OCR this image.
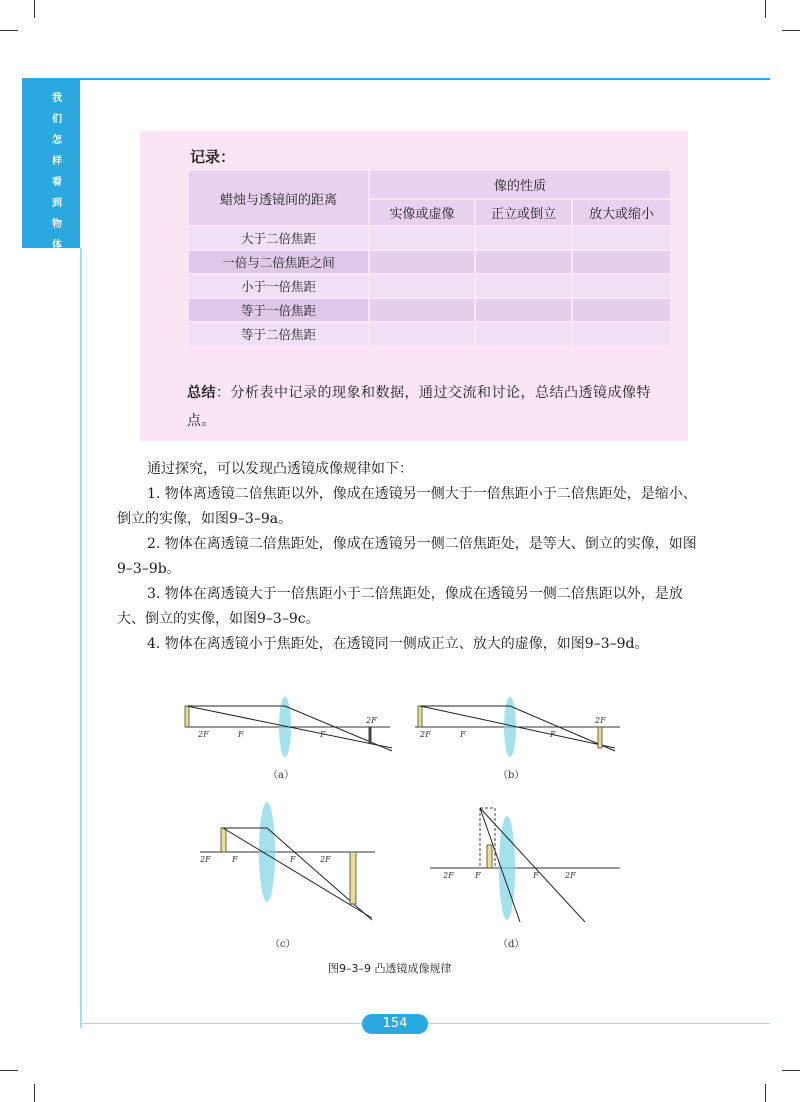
我
们
怎
样
看
到
物
体
记录：
蜡烛与透镜间的距离	像的性质		
	实像或虚像	正立或倒立	放大或缩小
大于二倍焦距			
一倍与二倍焦距之间			
小于一倍焦距			
等于一倍焦距			
等于二倍焦距			
总结：分析表中记录的现象和数据，通过交流和讨论，总结凸透镜成像特点。

通过探究，可以发现凸透镜成像规律如下：

1. 物体离透镜二倍焦距以外，像成在透镜另一侧大于一倍焦距小于二倍焦距处，是缩小、倒立的实像，如图9–3–9a。

2. 物体在离透镜二倍焦距处，像成在透镜另一侧二倍焦距处，是等大、倒立的实像，如图9–3–9b。

3. 物体在离透镜大于一倍焦距小于二倍焦距处，像成在透镜另一侧二倍焦距以外，是放大、倒立的实像，如图9–3–9c。

4. 物体在离透镜小于焦距处，在透镜同一侧成正立、放大的虚像，如图9–3–9d。

2F	F	F
2F
（a）
2F	F	F
2F
（b）
2F	F	F	2F
（c）
2F	F	F	2F
（d）
图9–3–9 凸透镜成像规律
154
